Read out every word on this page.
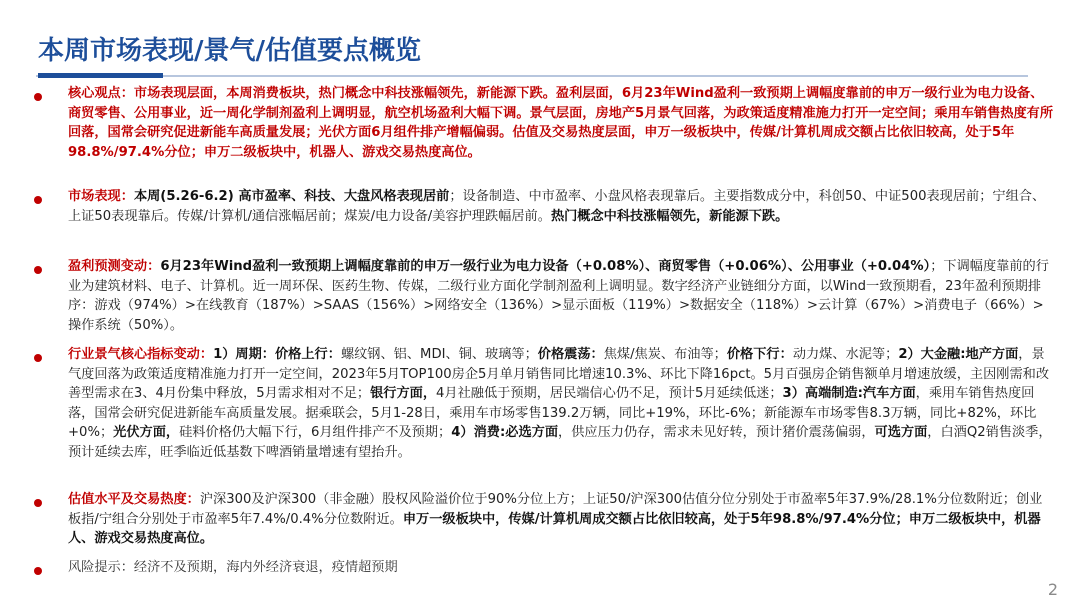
本周市场表现/景气/估值要点概览
核心观点：市场表现层面，本周消费板块，热门概念中科技涨幅领先，新能源下跌。盈利层面，6月23年Wind盈利一致预期上调幅度靠前的申万一级行业为电力设备、商贸零售、公用事业，近一周化学制剂盈利上调明显，航空机场盈利大幅下调。景气层面，房地产5月景气回落，为政策适度精准施力打开一定空间；乘用车销售热度有所回落，国常会研究促进新能车高质量发展；光伏方面6月组件排产增幅偏弱。估值及交易热度层面，申万一级板块中，传媒/计算机周成交额占比依旧较高，处于5年98.8%/97.4%分位；申万二级板块中，机器人、游戏交易热度高位。
市场表现：本周(5.26-6.2) 高市盈率、科技、大盘风格表现居前；设备制造、中市盈率、小盘风格表现靠后。主要指数成分中，科创50、中证500表现居前；宁组合、上证50表现靠后。传媒/计算机/通信涨幅居前；煤炭/电力设备/美容护理跌幅居前。热门概念中科技涨幅领先，新能源下跌。
盈利预测变动：6月23年Wind盈利一致预期上调幅度靠前的申万一级行业为电力设备（+0.08%）、商贸零售（+0.06%）、公用事业（+0.04%）；下调幅度靠前的行业为建筑材料、电子、计算机。近一周环保、医药生物、传媒，二级行业方面化学制剂盈利上调明显。数字经济产业链细分方面，以Wind一致预期看，23年盈利预期排序：游戏（974%）>在线教育（187%）>SAAS（156%）>网络安全（136%）>显示面板（119%）>数据安全（118%）>云计算（67%）>消费电子（66%）>操作系统（50%）。
行业景气核心指标变动：1）周期：价格上行：螺纹钢、铝、MDI、铜、玻璃等；价格震荡：焦煤/焦炭、布油等；价格下行：动力煤、水泥等；2）大金融:地产方面，景气度回落为政策适度精准施力打开一定空间，2023年5月TOP100房企5月单月销售同比增速10.3%、环比下降16pct。5月百强房企销售额单月增速放缓，主因刚需和改善型需求在3、4月份集中释放，5月需求相对不足；银行方面，4月社融低于预期，居民端信心仍不足，预计5月延续低迷；3）高端制造:汽车方面，乘用车销售热度回落，国常会研究促进新能车高质量发展。据乘联会，5月1-28日，乘用车市场零售139.2万辆，同比+19%，环比-6%；新能源车市场零售8.3万辆，同比+82%，环比+0%；光伏方面，硅料价格仍大幅下行，6月组件排产不及预期；4）消费:必选方面，供应压力仍存，需求未见好转，预计猪价震荡偏弱，可选方面，白酒Q2销售淡季，预计延续去库，旺季临近低基数下啤酒销量增速有望抬升。
估值水平及交易热度：沪深300及沪深300（非金融）股权风险溢价位于90%分位上方；上证50/沪深300估值分位分别处于市盈率5年37.9%/28.1%分位数附近；创业板指/宁组合分别处于市盈率5年7.4%/0.4%分位数附近。申万一级板块中，传媒/计算机周成交额占比依旧较高，处于5年98.8%/97.4%分位；申万二级板块中，机器人、游戏交易热度高位。
风险提示：经济不及预期，海内外经济衰退，疫情超预期
2
